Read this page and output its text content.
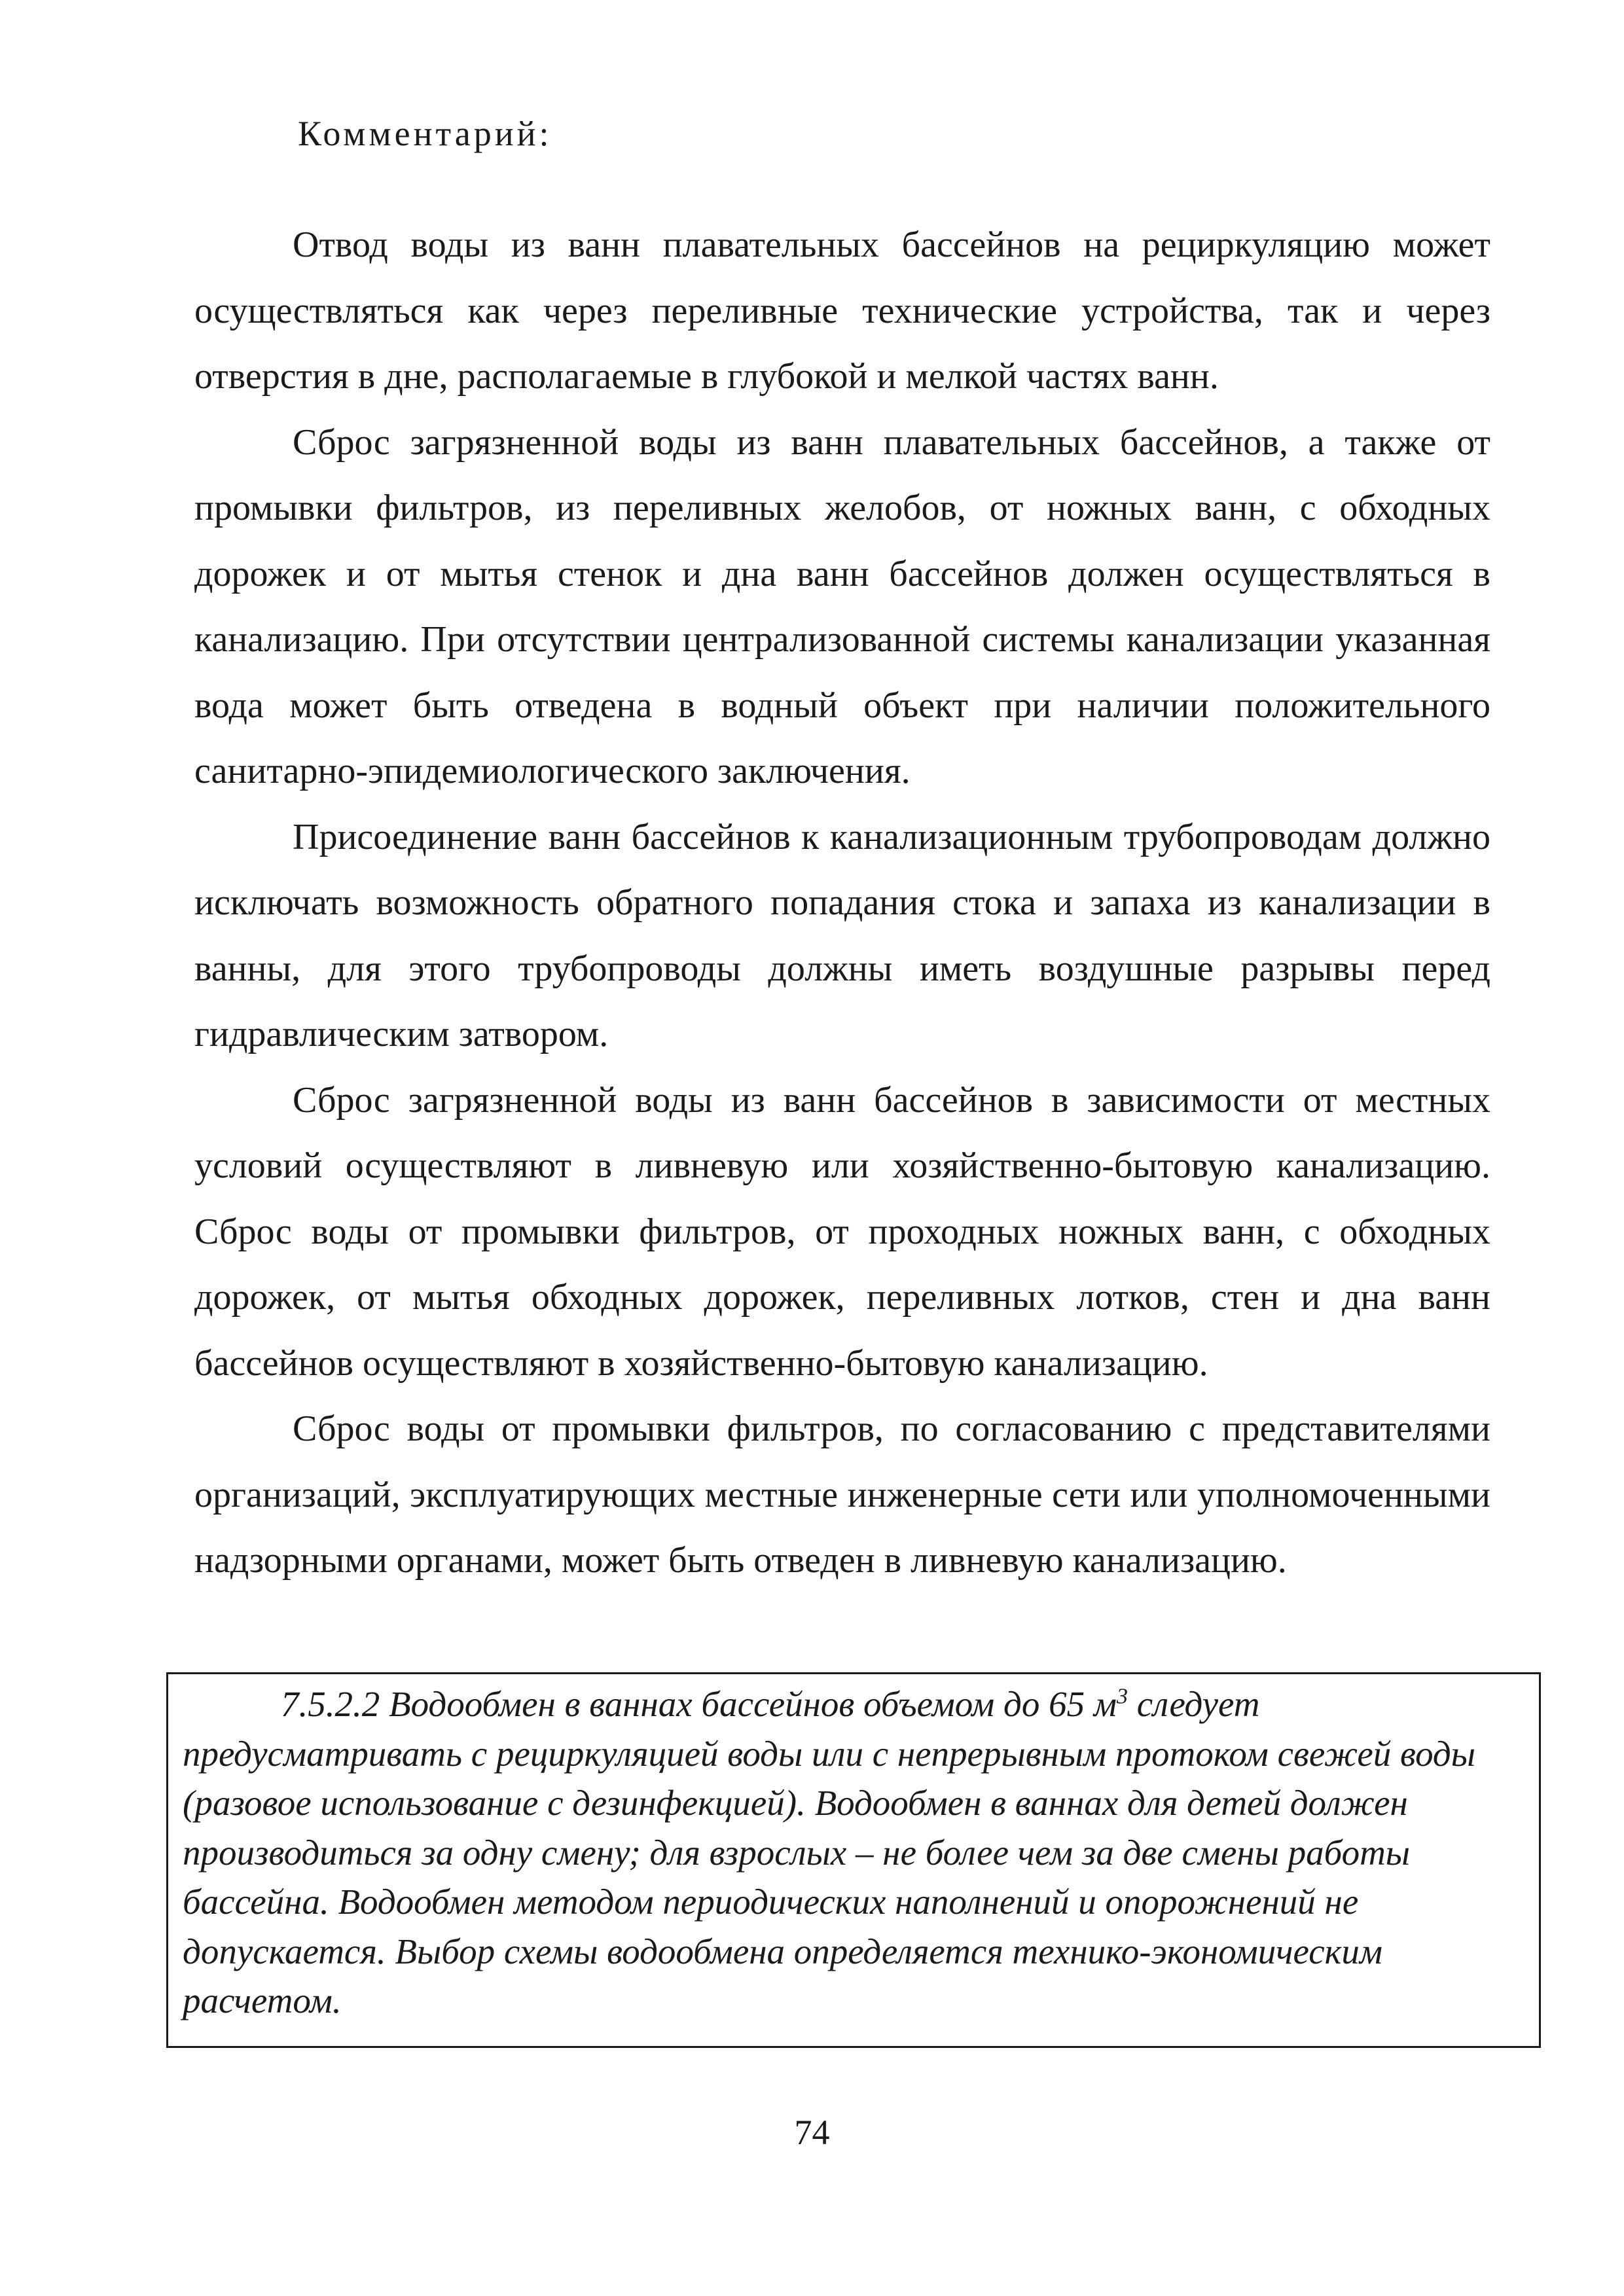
Комментарий:

Отвод воды из ванн плавательных бассейнов на рециркуляцию может осуществляться как через переливные технические устройства, так и через отверстия в дне, располагаемые в глубокой и мелкой частях ванн.

Сброс загрязненной воды из ванн плавательных бассейнов, а также от промывки фильтров, из переливных желобов, от ножных ванн, с обходных дорожек и от мытья стенок и дна ванн бассейнов должен осуществляться в канализацию. При отсутствии централизованной системы канализации указанная вода может быть отведена в водный объект при наличии положительного санитарно-эпидемиологического заключения.

Присоединение ванн бассейнов к канализационным трубопроводам должно исключать возможность обратного попадания стока и запаха из канализации в ванны, для этого трубопроводы должны иметь воздушные разрывы перед гидравлическим затвором.

Сброс загрязненной воды из ванн бассейнов в зависимости от местных условий осуществляют в ливневую или хозяйственно-бытовую канализацию. Сброс воды от промывки фильтров, от проходных ножных ванн, с обходных дорожек, от мытья обходных дорожек, переливных лотков, стен и дна ванн бассейнов осуществляют в хозяйственно-бытовую канализацию.

Сброс воды от промывки фильтров, по согласованию с представителями организаций, эксплуатирующих местные инженерные сети или уполномоченными надзорными органами, может быть отведен в ливневую канализацию.

7.5.2.2 Водообмен в ваннах бассейнов объемом до 65 $м^3$ следует предусматривать с рециркуляцией воды или с непрерывным протоком свежей воды (разовое использование с дезинфекцией). Водообмен в ваннах для детей должен производиться за одну смену; для взрослых – не более чем за две смены работы бассейна. Водообмен методом периодических наполнений и опорожнений не допускается. Выбор схемы водообмена определяется технико-экономическим расчетом.

74
